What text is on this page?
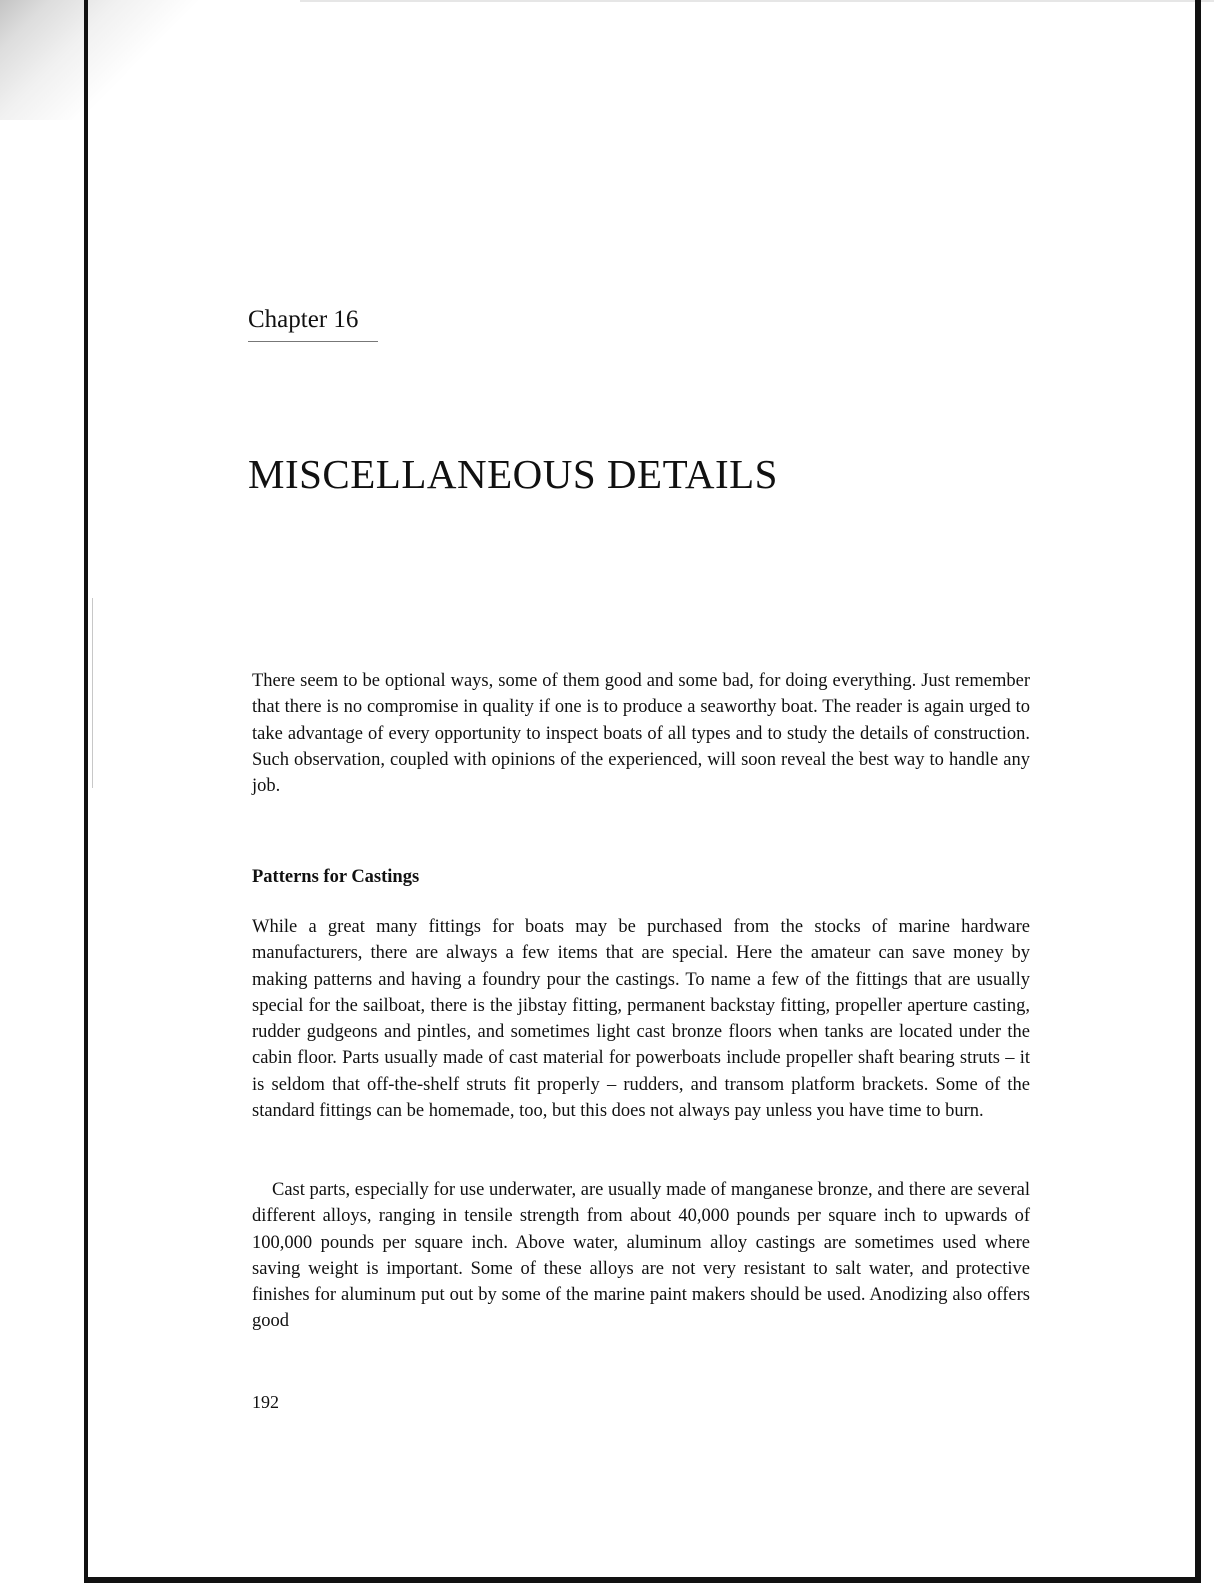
Chapter 16
MISCELLANEOUS DETAILS

There seem to be optional ways, some of them good and some bad, for doing everything. Just remember that there is no compromise in quality if one is to produce a seaworthy boat. The reader is again urged to take advantage of every opportunity to inspect boats of all types and to study the details of construction. Such observation, coupled with opinions of the experienced, will soon reveal the best way to handle any job.

Patterns for Castings

While a great many fittings for boats may be purchased from the stocks of marine hardware manufacturers, there are always a few items that are special. Here the amateur can save money by making patterns and having a foundry pour the castings. To name a few of the fittings that are usually special for the sailboat, there is the jibstay fitting, permanent backstay fitting, propeller aperture casting, rudder gudgeons and pintles, and sometimes light cast bronze floors when tanks are located under the cabin floor. Parts usually made of cast material for powerboats include propeller shaft bearing struts – it is seldom that off-the-shelf struts fit properly – rudders, and transom platform brackets. Some of the standard fittings can be homemade, too, but this does not always pay unless you have time to burn.

Cast parts, especially for use underwater, are usually made of manganese bronze, and there are several different alloys, ranging in tensile strength from about 40,000 pounds per square inch to upwards of 100,000 pounds per square inch. Above water, aluminum alloy castings are sometimes used where saving weight is important. Some of these alloys are not very resistant to salt water, and protective finishes for aluminum put out by some of the marine paint makers should be used. Anodizing also offers good

192
